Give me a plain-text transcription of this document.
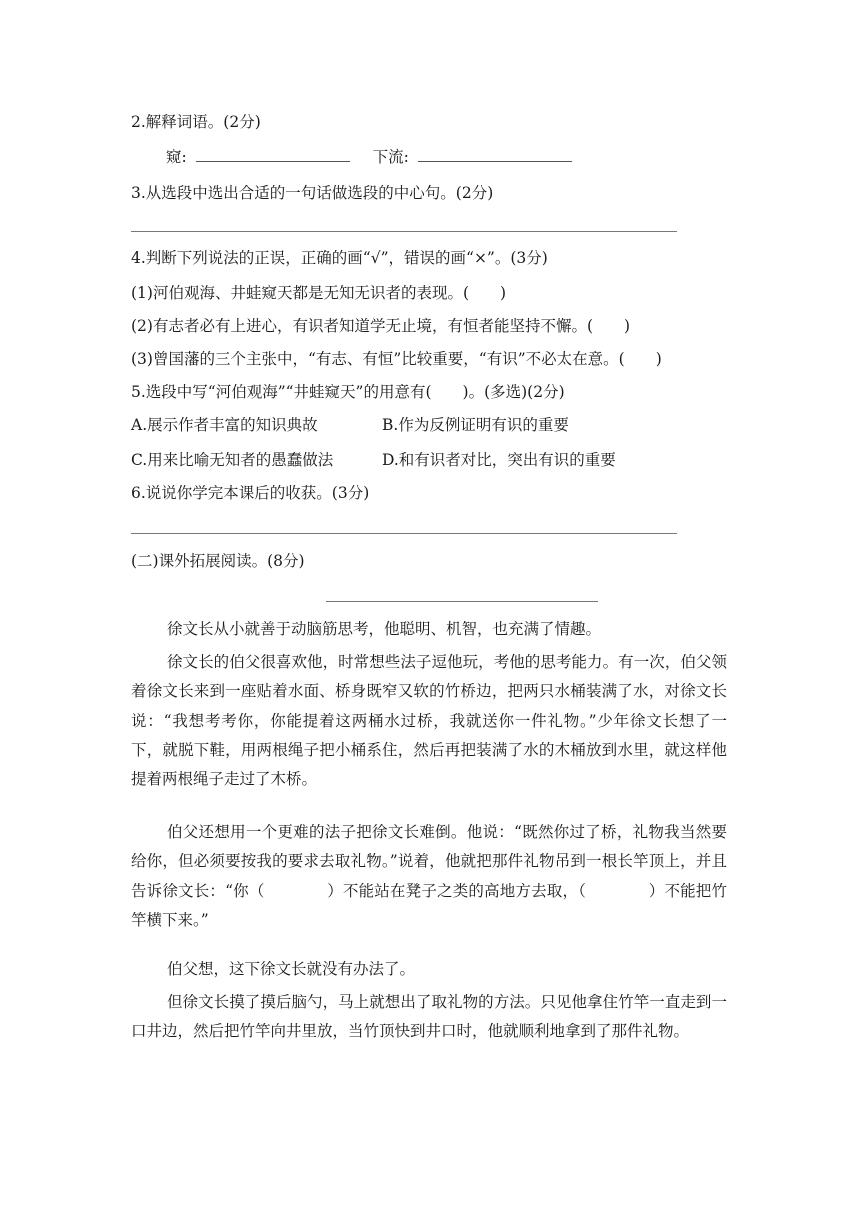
2.解释词语。(2分)
窥:	下流:
3.从选段中选出合适的一句话做选段的中心句。(2分)
4.判断下列说法的正误，正确的画“√”，错误的画“×”。(3分)
(1)河伯观海、井蛙窥天都是无知无识者的表现。(　　)
(2)有志者必有上进心，有识者知道学无止境，有恒者能坚持不懈。(　　)
(3)曾国藩的三个主张中，“有志、有恒”比较重要，“有识”不必太在意。(　　)
5.选段中写“河伯观海”“井蛙窥天”的用意有(　　)。(多选)(2分)
A.展示作者丰富的知识典故	B.作为反例证明有识的重要
C.用来比喻无知者的愚蠢做法	D.和有识者对比，突出有识的重要
6.说说你学完本课后的收获。(3分)
(二)课外拓展阅读。(8分)
徐文长从小就善于动脑筋思考，他聪明、机智，也充满了情趣。
徐文长的伯父很喜欢他，时常想些法子逗他玩，考他的思考能力。有一次，伯父领着徐文长来到一座贴着水面、桥身既窄又软的竹桥边，把两只水桶装满了水，对徐文长说：“我想考考你，你能提着这两桶水过桥，我就送你一件礼物。”少年徐文长想了一下，就脱下鞋，用两根绳子把小桶系住，然后再把装满了水的木桶放到水里，就这样他提着两根绳子走过了木桥。
伯父还想用一个更难的法子把徐文长难倒。他说：“既然你过了桥，礼物我当然要给你，但必须要按我的要求去取礼物。”说着，他就把那件礼物吊到一根长竿顶上，并且告诉徐文长：“你（　　　　）不能站在凳子之类的高地方去取，（　　　　）不能把竹竿横下来。”
伯父想，这下徐文长就没有办法了。
但徐文长摸了摸后脑勺，马上就想出了取礼物的方法。只见他拿住竹竿一直走到一口井边，然后把竹竿向井里放，当竹顶快到井口时，他就顺利地拿到了那件礼物。
